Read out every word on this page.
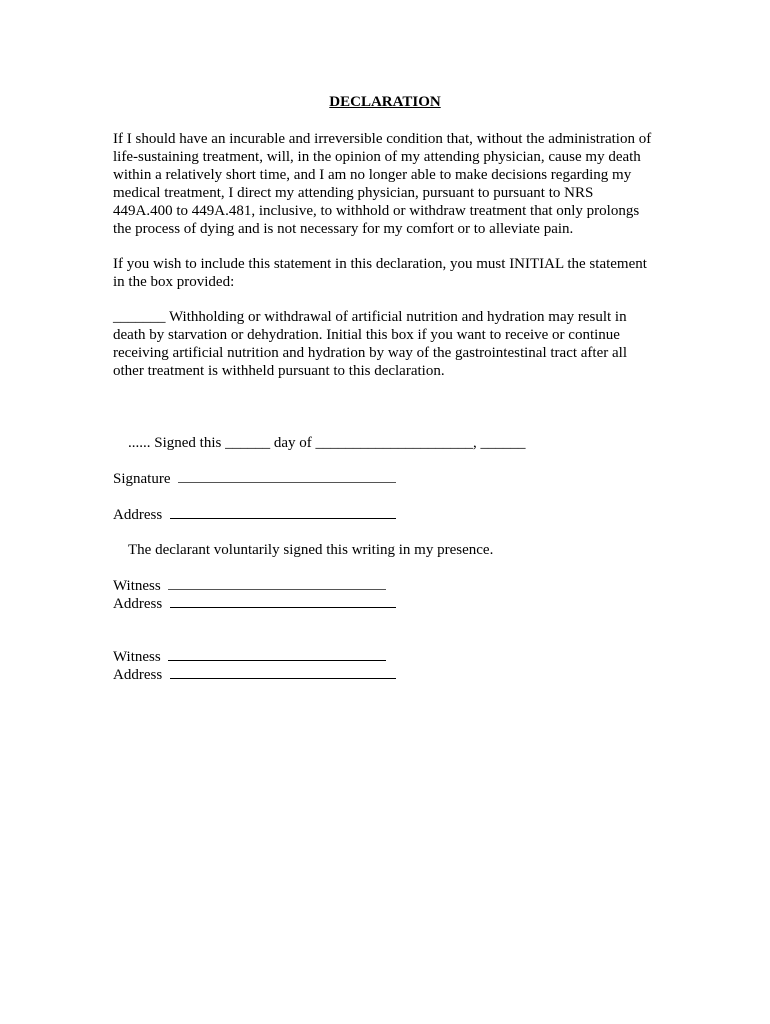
DECLARATION
If I should have an incurable and irreversible condition that, without the administration of
life-sustaining treatment, will, in the opinion of my attending physician, cause my death
within a relatively short time, and I am no longer able to make decisions regarding my
medical treatment, I direct my attending physician, pursuant to pursuant to NRS
449A.400 to 449A.481, inclusive, to withhold or withdraw treatment that only prolongs
the process of dying and is not necessary for my comfort or to alleviate pain.
If you wish to include this statement in this declaration, you must INITIAL the statement
in the box provided:
_______ Withholding or withdrawal of artificial nutrition and hydration may result in
death by starvation or dehydration. Initial this box if you want to receive or continue
receiving artificial nutrition and hydration by way of the gastrointestinal tract after all
other treatment is withheld pursuant to this declaration.
...... Signed this ______ day of _____________________, ______
Signature
Address
The declarant voluntarily signed this writing in my presence.
Witness
Address
Witness
Address
